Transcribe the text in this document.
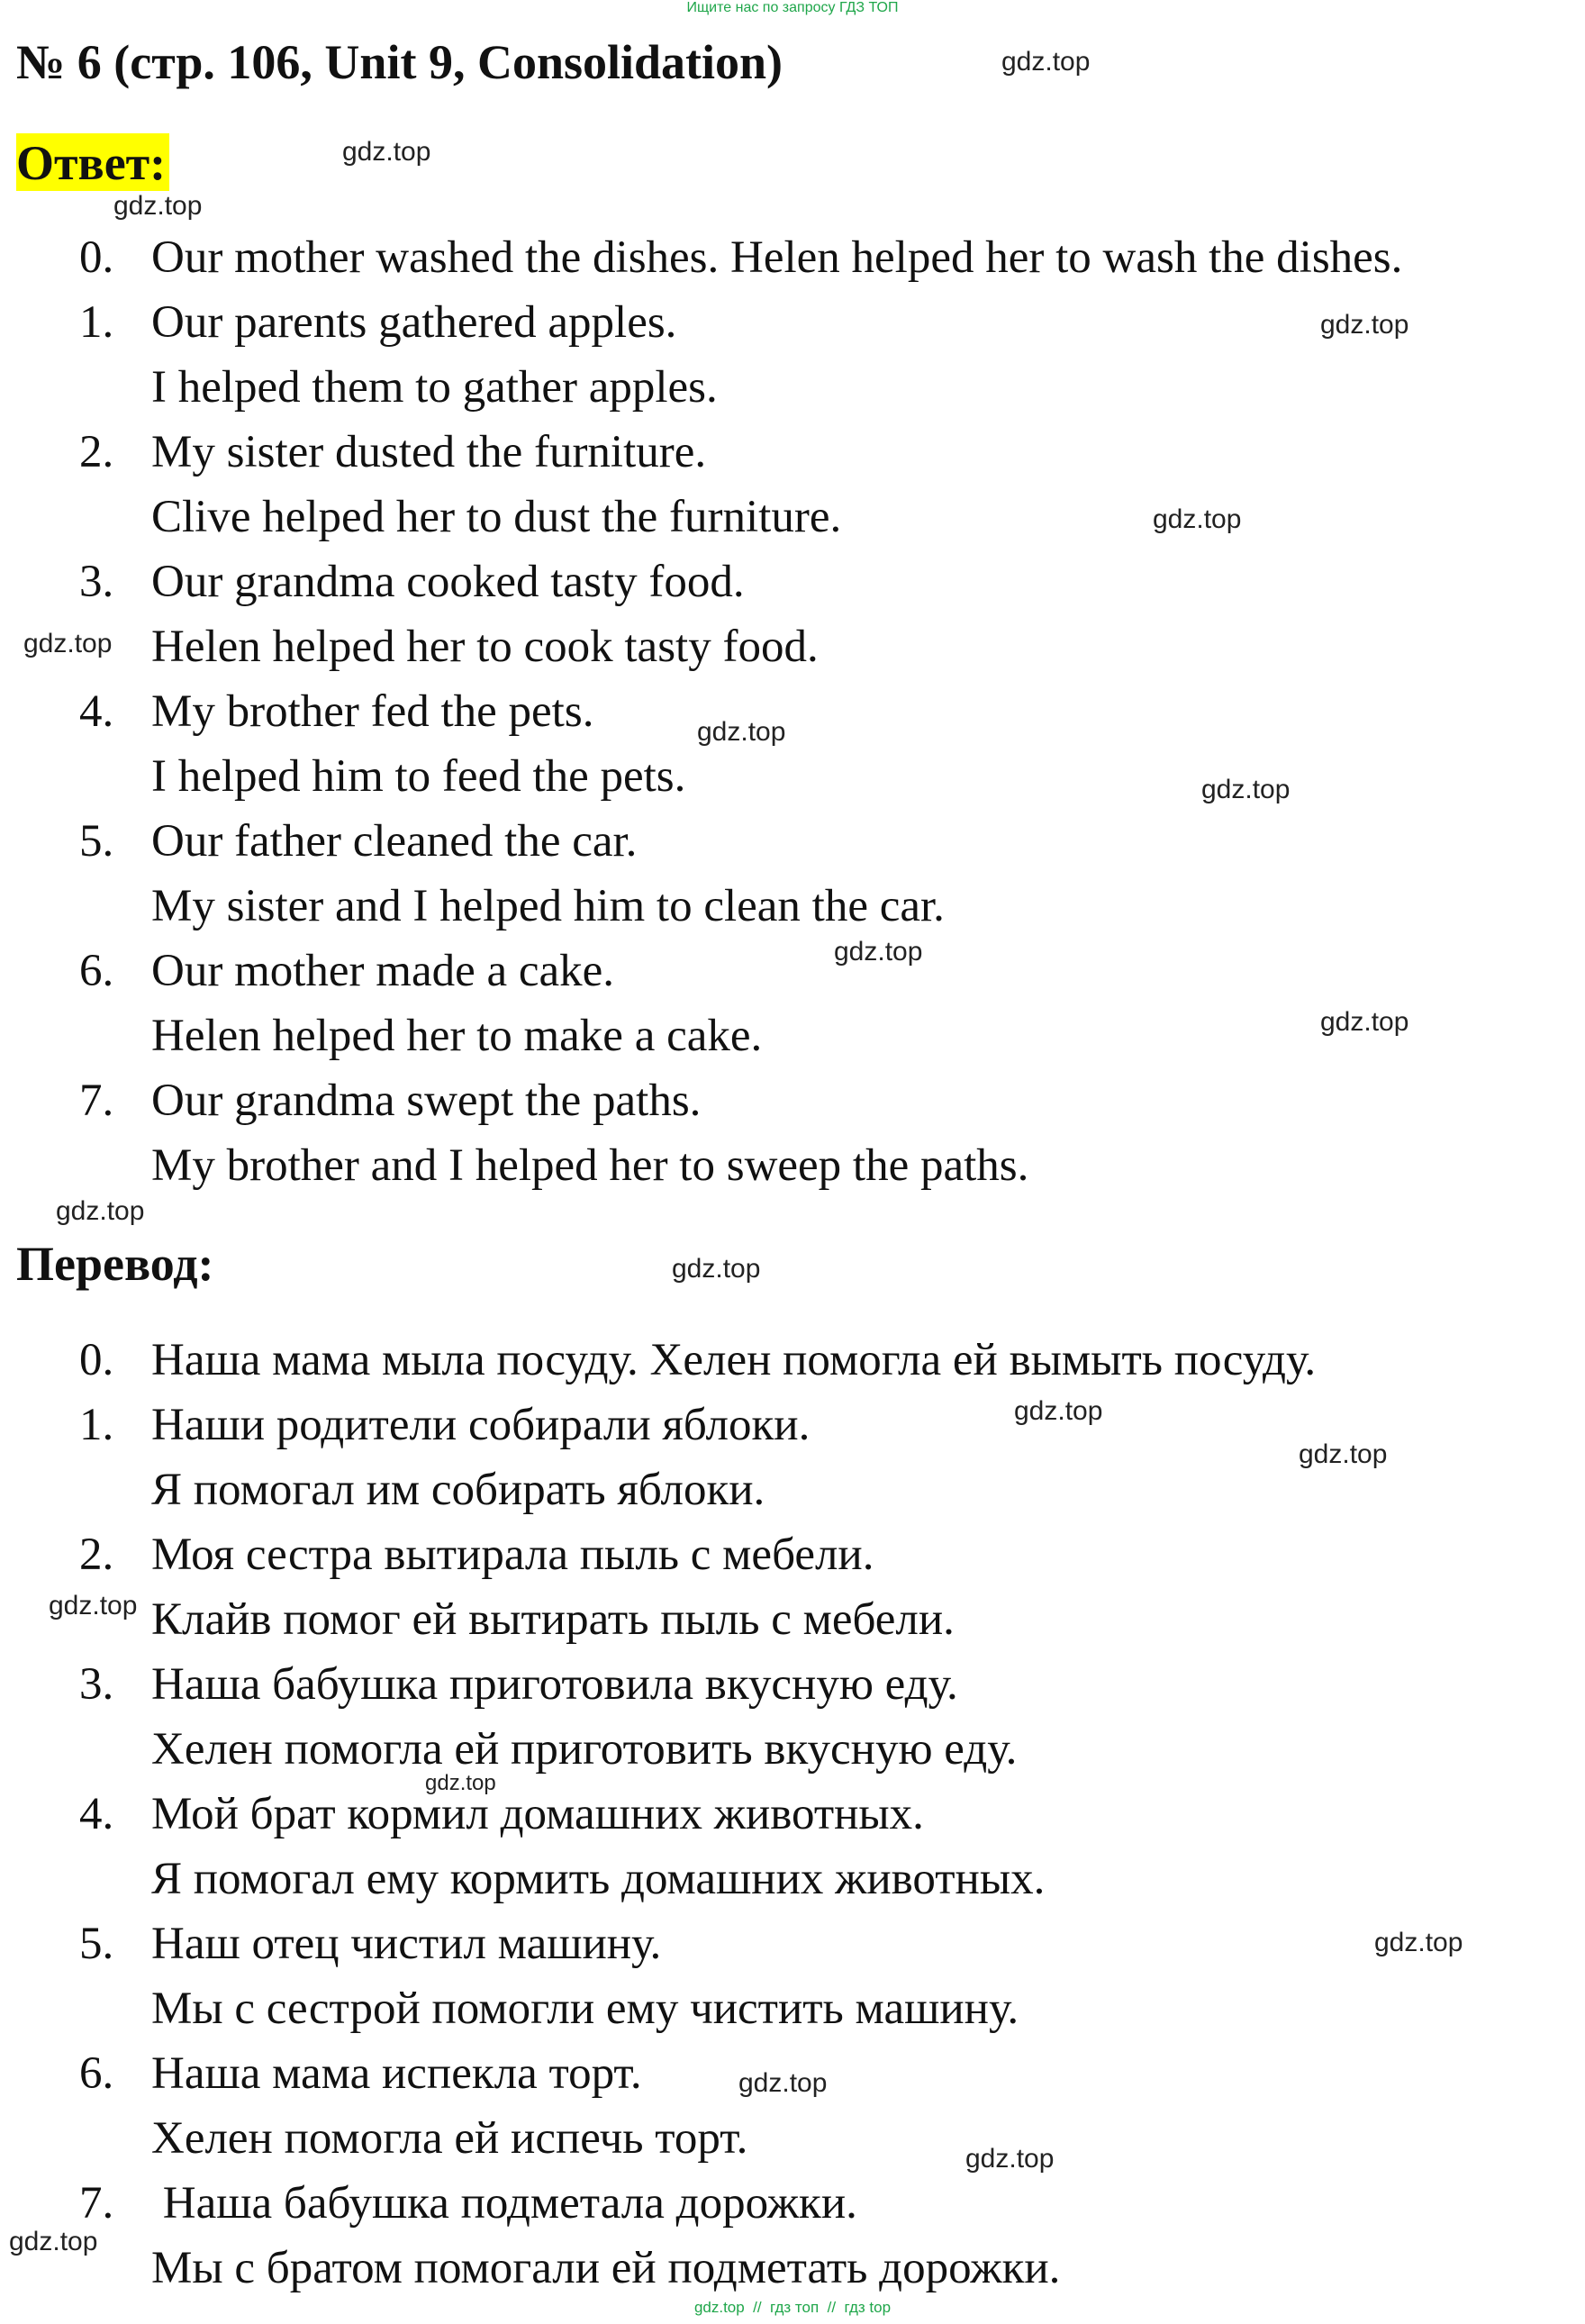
Ищите нас по запросу ГДЗ ТОП
№ 6 (стр. 106, Unit 9, Consolidation)
Ответ:
0. Our mother washed the dishes. Helen helped her to wash the dishes.
1. Our parents gathered apples.
I helped them to gather apples.
2. My sister dusted the furniture.
Clive helped her to dust the furniture.
3. Our grandma cooked tasty food.
Helen helped her to cook tasty food.
4. My brother fed the pets.
I helped him to feed the pets.
5. Our father cleaned the car.
My sister and I helped him to clean the car.
6. Our mother made a cake.
Helen helped her to make a cake.
7. Our grandma swept the paths.
My brother and I helped her to sweep the paths.
Перевод:
0. Наша мама мыла посуду. Хелен помогла ей вымыть посуду.
1. Наши родители собирали яблоки.
Я помогал им собирать яблоки.
2. Моя сестра вытирала пыль с мебели.
Клайв помог ей вытирать пыль с мебели.
3. Наша бабушка приготовила вкусную еду.
Хелен помогла ей приготовить вкусную еду.
4. Мой брат кормил домашних животных.
Я помогал ему кормить домашних животных.
5. Наш отец чистил машину.
Мы с сестрой помогли ему чистить машину.
6. Наша мама испекла торт.
Хелен помогла ей испечь торт.
7. Наша бабушка подметала дорожки.
Мы с братом помогали ей подметать дорожки.
gdz.top
gdz.top
gdz.top
gdz.top
gdz.top
gdz.top
gdz.top
gdz.top
gdz.top
gdz.top
gdz.top
gdz.top
gdz.top
gdz.top
gdz.top
gdz.top
gdz.top
gdz.top
gdz.top
gdz.top
gdz.top  //  гдз топ  //  гдз top
